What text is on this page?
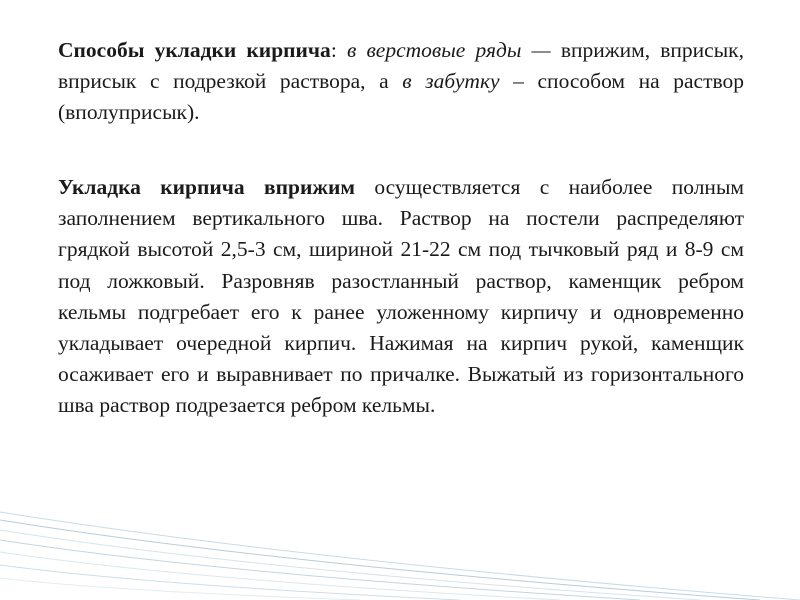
Способы укладки кирпича: в верстовые ряды — вприжим, вприсык, вприсык с подрезкой раствора, а в забутку – способом на раствор (вполуприсык).

Укладка кирпича вприжим осуществляется с наиболее полным заполнением вертикального шва. Раствор на постели распределяют грядкой высотой 2,5-3 см, шириной 21-22 см под тычковый ряд и 8-9 см под ложковый. Разровняв разостланный раствор, каменщик ребром кельмы подгребает его к ранее уложенному кирпичу и одновременно укладывает очередной кирпич. Нажимая на кирпич рукой, каменщик осаживает его и выравнивает по причалке. Выжатый из горизонтального шва раствор подрезается ребром кельмы.
